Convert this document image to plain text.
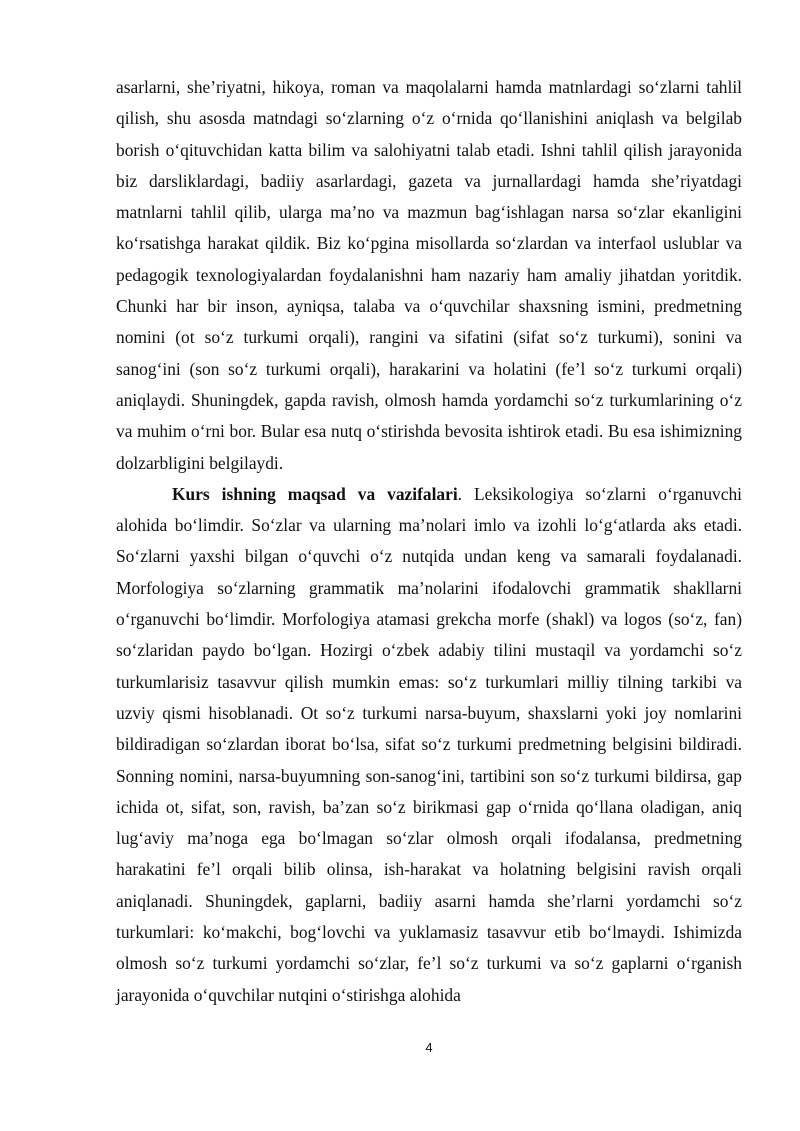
asarlarni, she’riyatni, hikoya, roman va maqolalarni hamda matnlardagi so‘zlarni tahlil qilish, shu asosda matndagi so‘zlarning o‘z o‘rnida qo‘llanishini aniqlash va belgilab borish o‘qituvchidan katta bilim va salohiyatni talab etadi. Ishni tahlil qilish jarayonida biz darsliklardagi, badiiy asarlardagi, gazeta va jurnallardagi hamda she’riyatdagi matnlarni tahlil qilib, ularga ma’no va mazmun bag‘ishlagan narsa so‘zlar ekanligini ko‘rsatishga harakat qildik. Biz ko‘pgina misollarda so‘zlardan va interfaol uslublar va pedagogik texnologiyalardan foydalanishni ham nazariy ham amaliy jihatdan yoritdik. Chunki har bir inson, ayniqsa, talaba va o‘quvchilar shaxsning ismini, predmetning nomini (ot so‘z turkumi orqali), rangini va sifatini (sifat so‘z turkumi), sonini va sanog‘ini (son so‘z turkumi orqali), harakarini va holatini (fe’l so‘z turkumi orqali) aniqlaydi. Shuningdek, gapda ravish, olmosh hamda yordamchi so‘z turkumlarining o‘z va muhim o‘rni bor. Bular esa nutq o‘stirishda bevosita ishtirok etadi. Bu esa ishimizning dolzarbligini belgilaydi.

Kurs ishning maqsad va vazifalari. Leksikologiya so‘zlarni o‘rganuvchi alohida bo‘limdir. So‘zlar va ularning ma’nolari imlo va izohli lo‘g‘atlarda aks etadi. So‘zlarni yaxshi bilgan o‘quvchi o‘z nutqida undan keng va samarali foydalanadi. Morfologiya so‘zlarning grammatik ma’nolarini ifodalovchi grammatik shakllarni o‘rganuvchi bo‘limdir. Morfologiya atamasi grekcha morfe (shakl) va logos (so‘z, fan) so‘zlaridan paydo bo‘lgan. Hozirgi o‘zbek adabiy tilini mustaqil va yordamchi so‘z turkumlarisiz tasavvur qilish mumkin emas: so‘z turkumlari milliy tilning tarkibi va uzviy qismi hisoblanadi. Ot so‘z turkumi narsa-buyum, shaxslarni yoki joy nomlarini bildiradigan so‘zlardan iborat bo‘lsa, sifat so‘z turkumi predmetning belgisini bildiradi. Sonning nomini, narsa-buyumning son-sanog‘ini, tartibini son so‘z turkumi bildirsa, gap ichida ot, sifat, son, ravish, ba’zan so‘z birikmasi gap o‘rnida qo‘llana oladigan, aniq lug‘aviy ma’noga ega bo‘lmagan so‘zlar olmosh orqali ifodalansa, predmetning harakatini fe’l orqali bilib olinsa, ish-harakat va holatning belgisini ravish orqali aniqlanadi. Shuningdek, gaplarni, badiiy asarni hamda she’rlarni yordamchi so‘z turkumlari: ko‘makchi, bog‘lovchi va yuklamasiz tasavvur etib bo‘lmaydi. Ishimizda olmosh so‘z turkumi yordamchi so‘zlar, fe’l so‘z turkumi va so‘z gaplarni o‘rganish jarayonida o‘quvchilar nutqini o‘stirishga alohida

4
